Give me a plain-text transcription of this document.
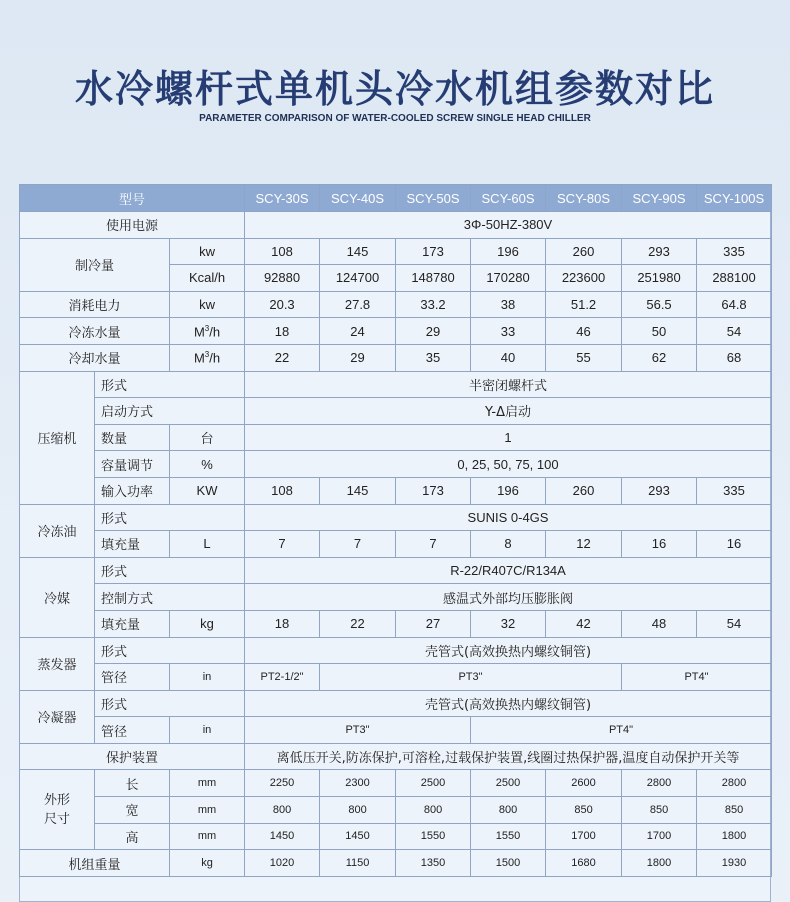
水冷螺杆式单机头冷水机组参数对比
PARAMETER COMPARISON OF WATER-COOLED SCREW SINGLE HEAD CHILLER
型号			SCY-30S	SCY-40S	SCY-50S	SCY-60S	SCY-80S	SCY-90S	SCY-100S
使用电源			3Φ-50HZ-380V						
制冷量		kw	108	145	173	196	260	293	335
		Kcal/h	92880	124700	148780	170280	223600	251980	288100
消耗电力		kw	20.3	27.8	33.2	38	51.2	56.5	64.8
冷冻水量		$M^3/h$	18	24	29	33	46	50	54
冷却水量		$M^3/h$	22	29	35	40	55	62	68
压缩机	形式		半密闭螺杆式						
	启动方式		Y-Δ启动						
	数量	台	1						
	容量调节	%	0, 25, 50, 75, 100						
	输入功率	KW	108	145	173	196	260	293	335
冷冻油	形式		SUNIS 0-4GS						
	填充量	L	7	7	7	8	12	16	16
冷媒	形式		R-22/R407C/R134A						
	控制方式		感温式外部均压膨胀阀						
	填充量	kg	18	22	27	32	42	48	54
蒸发器	形式		壳管式(高效换热内螺纹铜管)						
	管径	in	PT2-1/2"	PT3"				PT4"	
冷凝器	形式		壳管式(高效换热内螺纹铜管)						
	管径	in	PT3"			PT4"			
保护装置			离低压开关,防冻保护,可溶栓,过载保护装置,线圈过热保护器,温度自动保护开关等						

外形
尺寸	长	mm	2250	2300	2500	2500	2600	2800	2800
	宽	mm	800	800	800	800	850	850	850
	高	mm	1450	1450	1550	1550	1700	1700	1800
机组重量		kg	1020	1150	1350	1500	1680	1800	1930
